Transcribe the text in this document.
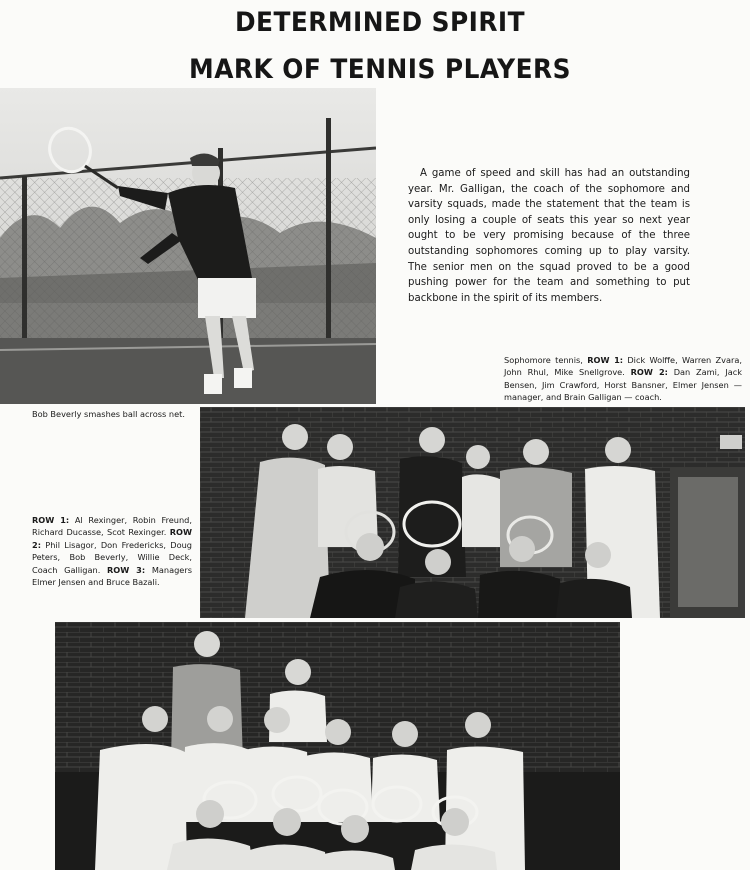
DETERMINED SPIRIT
MARK OF TENNIS PLAYERS

A game of speed and skill has had an outstanding year. Mr. Galligan, the coach of the sophomore and varsity squads, made the statement that the team is only losing a couple of seats this year so next year ought to be very promising because of the three outstanding sophomores coming up to play varsity. The senior men on the squad proved to be a good pushing power for the team and something to put backbone in the spirit of its members.

Sophomore tennis, ROW 1: Dick Wolffe, Warren Zvara, John Rhul, Mike Snellgrove. ROW 2: Dan Zami, Jack Bensen, Jim Crawford, Horst Bansner, Elmer Jensen — manager, and Brain Galligan — coach.

Bob Beverly smashes ball across net.

ROW 1: Al Rexinger, Robin Freund, Richard Ducasse, Scot Rexinger. ROW 2: Phil Lisagor, Don Fredericks, Doug Peters, Bob Beverly, Willie Deck, Coach Galligan. ROW 3: Managers Elmer Jensen and Bruce Bazali.
